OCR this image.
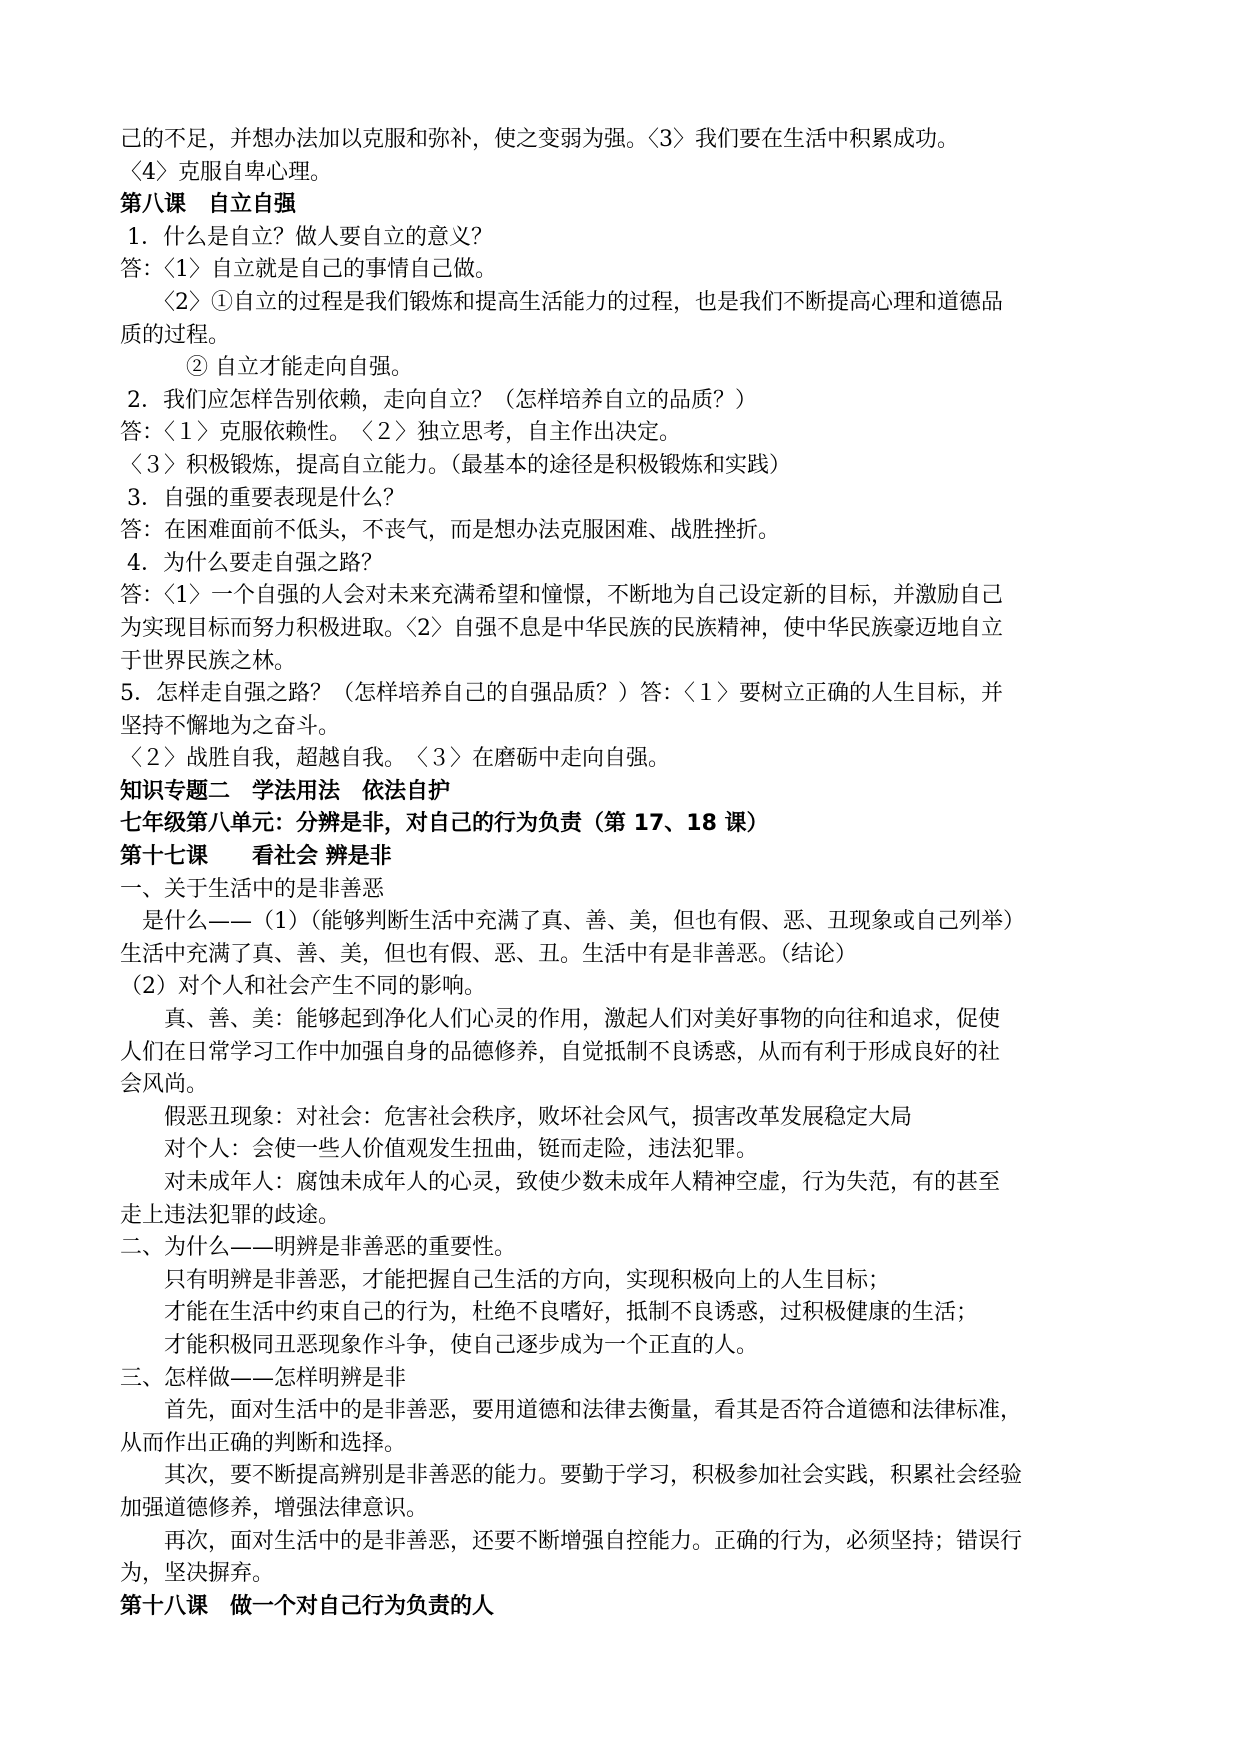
己的不足，并想办法加以克服和弥补，使之变弱为强。〈3〉我们要在生活中积累成功。

〈4〉克服自卑心理。

第八课　自立自强

1．什么是自立？做人要自立的意义？

答：〈1〉自立就是自己的事情自己做。

　　〈2〉①自立的过程是我们锻炼和提高生活能力的过程，也是我们不断提高心理和道德品

质的过程。

　　　② 自立才能走向自强。

2．我们应怎样告别依赖，走向自立？（怎样培养自立的品质？）

答：〈１〉克服依赖性。　〈２〉独立思考，自主作出决定。

〈３〉积极锻炼，提高自立能力。（最基本的途径是积极锻炼和实践）

3．自强的重要表现是什么？

答：在困难面前不低头，不丧气，而是想办法克服困难、战胜挫折。

4．为什么要走自强之路？

答：〈1〉一个自强的人会对未来充满希望和憧憬，不断地为自己设定新的目标，并激励自己

为实现目标而努力积极进取。〈2〉自强不息是中华民族的民族精神，使中华民族豪迈地自立

于世界民族之林。

5．怎样走自强之路？（怎样培养自己的自强品质？）答：〈１〉要树立正确的人生目标，并

坚持不懈地为之奋斗。

〈２〉战胜自我，超越自我。　〈３〉在磨砺中走向自强。

知识专题二　学法用法　依法自护

七年级第八单元：分辨是非，对自己的行为负责（第 17、18 课）

第十七课　　看社会 辨是非

一、关于生活中的是非善恶

　是什么——（1）（能够判断生活中充满了真、善、美，但也有假、恶、丑现象或自己列举）

生活中充满了真、善、美，但也有假、恶、丑。生活中有是非善恶。（结论）

（2）对个人和社会产生不同的影响。

　　真、善、美：能够起到净化人们心灵的作用，激起人们对美好事物的向往和追求，促使

人们在日常学习工作中加强自身的品德修养，自觉抵制不良诱惑，从而有利于形成良好的社

会风尚。

　　假恶丑现象：对社会：危害社会秩序，败坏社会风气，损害改革发展稳定大局

　　对个人：会使一些人价值观发生扭曲，铤而走险，违法犯罪。

　　对未成年人：腐蚀未成年人的心灵，致使少数未成年人精神空虚，行为失范，有的甚至

走上违法犯罪的歧途。

二、为什么——明辨是非善恶的重要性。

　　只有明辨是非善恶，才能把握自己生活的方向，实现积极向上的人生目标；

　　才能在生活中约束自己的行为，杜绝不良嗜好，抵制不良诱惑，过积极健康的生活；

　　才能积极同丑恶现象作斗争，使自己逐步成为一个正直的人。

三、怎样做——怎样明辨是非

　　首先，面对生活中的是非善恶，要用道德和法律去衡量，看其是否符合道德和法律标准，

从而作出正确的判断和选择。

　　其次，要不断提高辨别是非善恶的能力。要勤于学习，积极参加社会实践，积累社会经验

加强道德修养，增强法律意识。

　　再次，面对生活中的是非善恶，还要不断增强自控能力。正确的行为，必须坚持；错误行

为，坚决摒弃。

第十八课　做一个对自己行为负责的人
